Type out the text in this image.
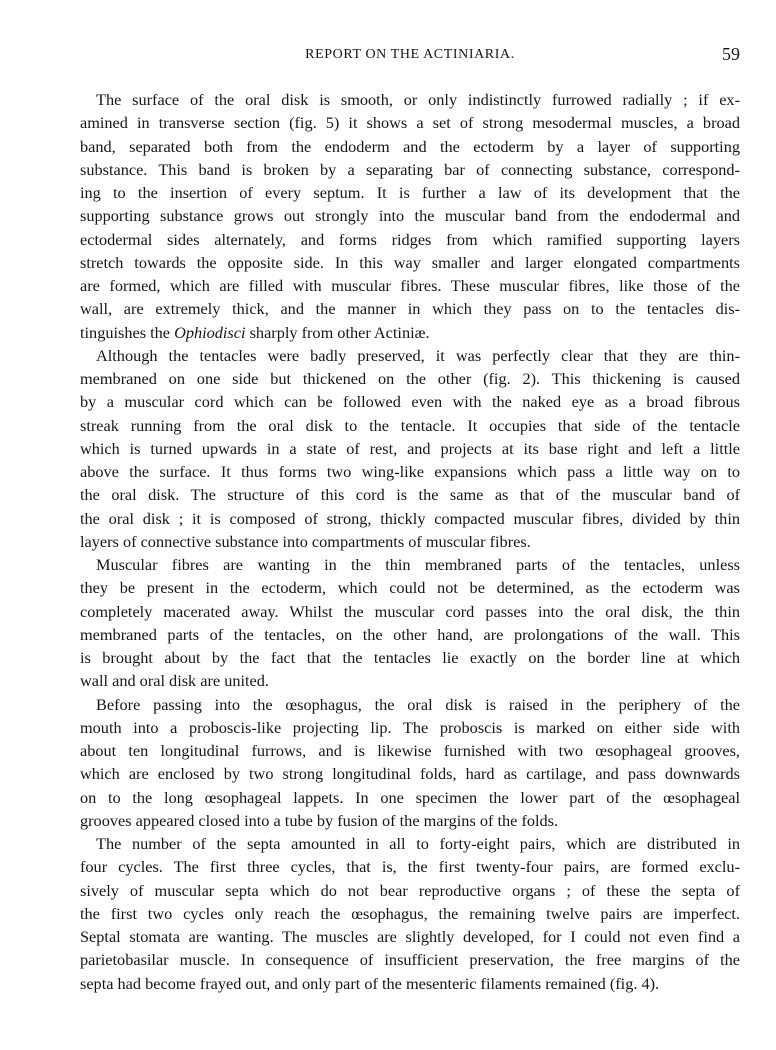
REPORT ON THE ACTINIARIA.	59
The surface of the oral disk is smooth, or only indistinctly furrowed radially ; if ex-
amined in transverse section (fig. 5) it shows a set of strong mesodermal muscles, a broad
band, separated both from the endoderm and the ectoderm by a layer of supporting
substance. This band is broken by a separating bar of connecting substance, correspond-
ing to the insertion of every septum. It is further a law of its development that the
supporting substance grows out strongly into the muscular band from the endodermal and
ectodermal sides alternately, and forms ridges from which ramified supporting layers
stretch towards the opposite side. In this way smaller and larger elongated compartments
are formed, which are filled with muscular fibres. These muscular fibres, like those of the
wall, are extremely thick, and the manner in which they pass on to the tentacles dis-
tinguishes the Ophiodisci sharply from other Actiniæ.
Although the tentacles were badly preserved, it was perfectly clear that they are thin-
membraned on one side but thickened on the other (fig. 2). This thickening is caused
by a muscular cord which can be followed even with the naked eye as a broad fibrous
streak running from the oral disk to the tentacle. It occupies that side of the tentacle
which is turned upwards in a state of rest, and projects at its base right and left a little
above the surface. It thus forms two wing-like expansions which pass a little way on to
the oral disk. The structure of this cord is the same as that of the muscular band of
the oral disk ; it is composed of strong, thickly compacted muscular fibres, divided by thin
layers of connective substance into compartments of muscular fibres.
Muscular fibres are wanting in the thin membraned parts of the tentacles, unless
they be present in the ectoderm, which could not be determined, as the ectoderm was
completely macerated away. Whilst the muscular cord passes into the oral disk, the thin
membraned parts of the tentacles, on the other hand, are prolongations of the wall. This
is brought about by the fact that the tentacles lie exactly on the border line at which
wall and oral disk are united.
Before passing into the œsophagus, the oral disk is raised in the periphery of the
mouth into a proboscis-like projecting lip. The proboscis is marked on either side with
about ten longitudinal furrows, and is likewise furnished with two œsophageal grooves,
which are enclosed by two strong longitudinal folds, hard as cartilage, and pass downwards
on to the long œsophageal lappets. In one specimen the lower part of the œsophageal
grooves appeared closed into a tube by fusion of the margins of the folds.
The number of the septa amounted in all to forty-eight pairs, which are distributed in
four cycles. The first three cycles, that is, the first twenty-four pairs, are formed exclu-
sively of muscular septa which do not bear reproductive organs ; of these the septa of
the first two cycles only reach the œsophagus, the remaining twelve pairs are imperfect.
Septal stomata are wanting. The muscles are slightly developed, for I could not even find a
parietobasilar muscle. In consequence of insufficient preservation, the free margins of the
septa had become frayed out, and only part of the mesenteric filaments remained (fig. 4).
